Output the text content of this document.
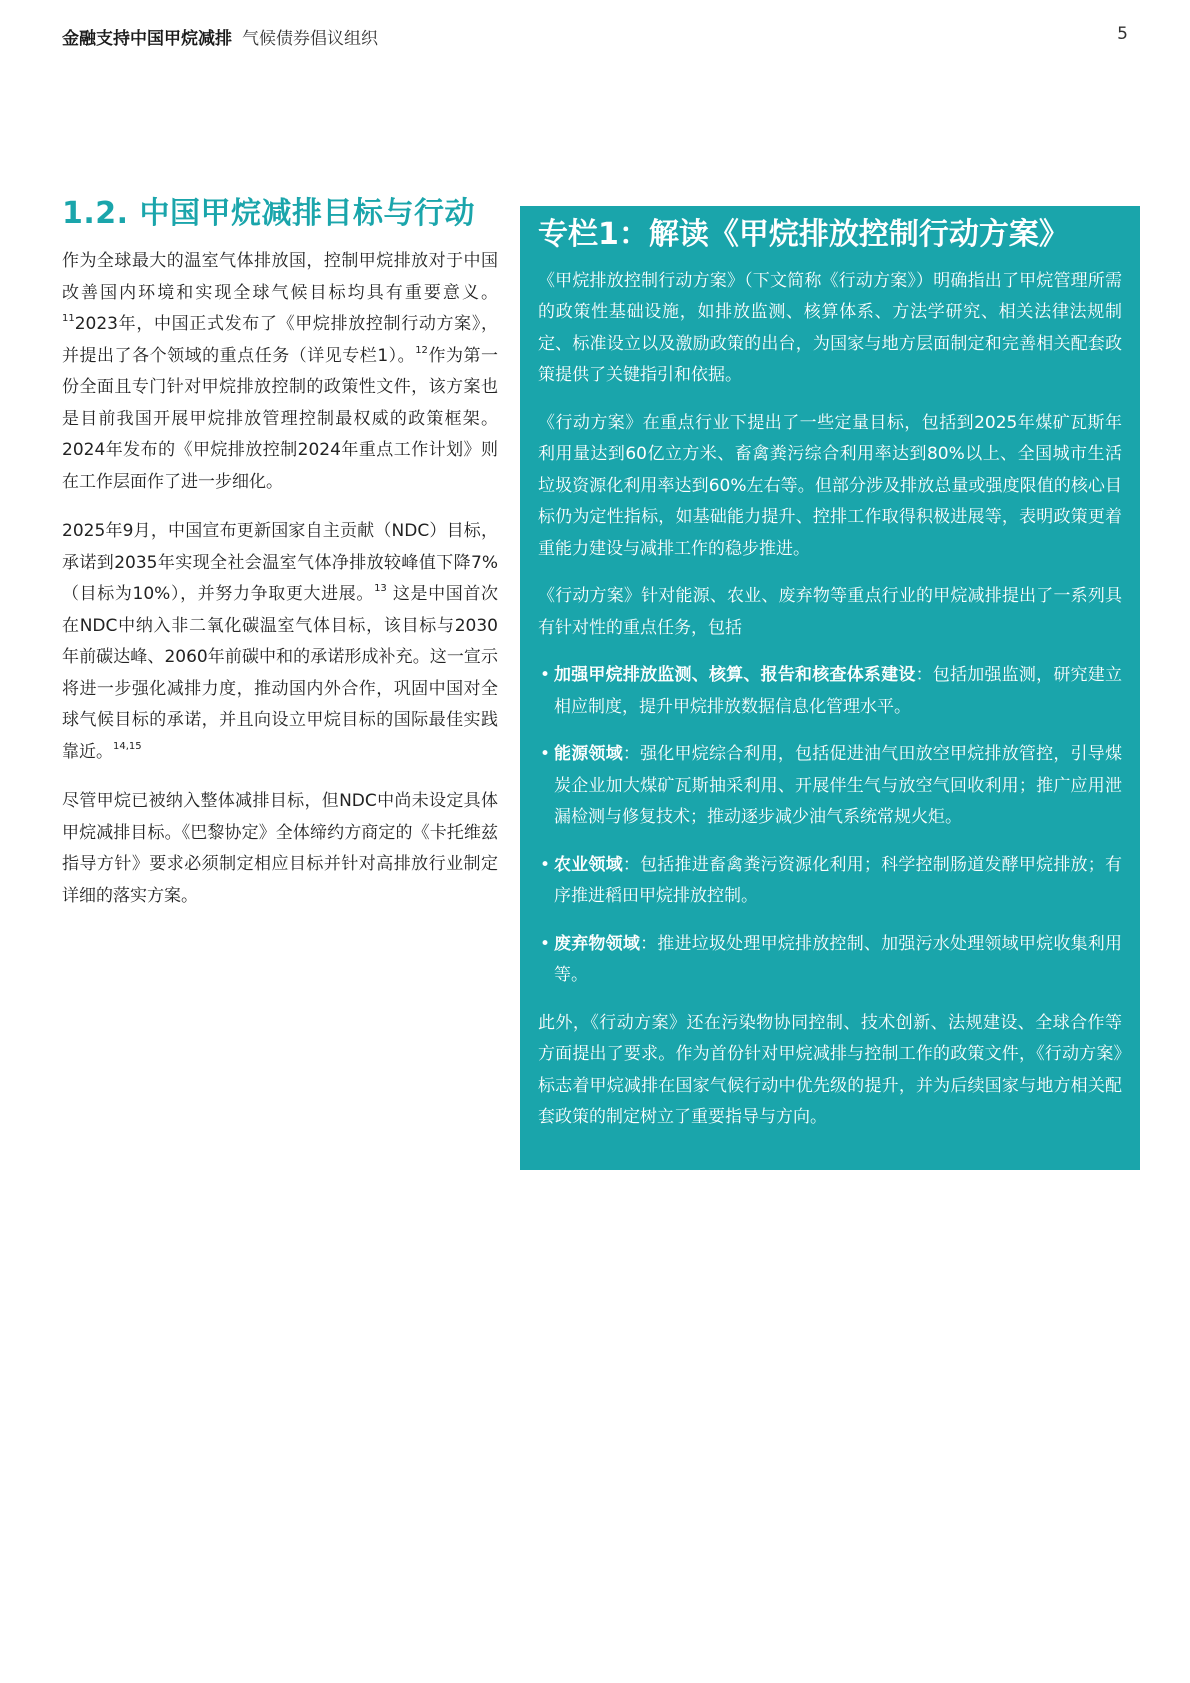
金融支持中国甲烷减排 气候债券倡议组织	5
1.2. 中国甲烷减排目标与行动

作为全球最大的温室气体排放国，控制甲烷排放对于中国改善国内环境和实现全球气候目标均具有重要意义。$^{11}$2023年，中国正式发布了《甲烷排放控制行动方案》，并提出了各个领域的重点任务（详见专栏1）。$^{12}$作为第一份全面且专门针对甲烷排放控制的政策性文件，该方案也是目前我国开展甲烷排放管理控制最权威的政策框架。2024年发布的《甲烷排放控制2024年重点工作计划》则在工作层面作了进一步细化。

2025年9月，中国宣布更新国家自主贡献（NDC）目标，承诺到2035年实现全社会温室气体净排放较峰值下降7%（目标为10%），并努力争取更大进展。$^{13}$ 这是中国首次在NDC中纳入非二氧化碳温室气体目标，该目标与2030年前碳达峰、2060年前碳中和的承诺形成补充。这一宣示将进一步强化减排力度，推动国内外合作，巩固中国对全球气候目标的承诺，并且向设立甲烷目标的国际最佳实践靠近。$^{14,15}$

尽管甲烷已被纳入整体减排目标，但NDC中尚未设定具体甲烷减排目标。《巴黎协定》全体缔约方商定的《卡托维兹指导方针》要求必须制定相应目标并针对高排放行业制定详细的落实方案。

专栏1：解读《甲烷排放控制行动方案》

《甲烷排放控制行动方案》（下文简称《行动方案》）明确指出了甲烷管理所需的政策性基础设施，如排放监测、核算体系、方法学研究、相关法律法规制定、标准设立以及激励政策的出台，为国家与地方层面制定和完善相关配套政策提供了关键指引和依据。

《行动方案》在重点行业下提出了一些定量目标，包括到2025年煤矿瓦斯年利用量达到60亿立方米、畜禽粪污综合利用率达到80%以上、全国城市生活垃圾资源化利用率达到60%左右等。但部分涉及排放总量或强度限值的核心目标仍为定性指标，如基础能力提升、控排工作取得积极进展等，表明政策更着重能力建设与减排工作的稳步推进。

《行动方案》针对能源、农业、废弃物等重点行业的甲烷减排提出了一系列具有针对性的重点任务，包括

• 加强甲烷排放监测、核算、报告和核查体系建设：包括加强监测，研究建立相应制度，提升甲烷排放数据信息化管理水平。
• 能源领域：强化甲烷综合利用，包括促进油气田放空甲烷排放管控，引导煤炭企业加大煤矿瓦斯抽采利用、开展伴生气与放空气回收利用；推广应用泄漏检测与修复技术；推动逐步减少油气系统常规火炬。
• 农业领域：包括推进畜禽粪污资源化利用；科学控制肠道发酵甲烷排放；有序推进稻田甲烷排放控制。
• 废弃物领域：推进垃圾处理甲烷排放控制、加强污水处理领域甲烷收集利用等。

此外，《行动方案》还在污染物协同控制、技术创新、法规建设、全球合作等方面提出了要求。作为首份针对甲烷减排与控制工作的政策文件，《行动方案》标志着甲烷减排在国家气候行动中优先级的提升，并为后续国家与地方相关配套政策的制定树立了重要指导与方向。
